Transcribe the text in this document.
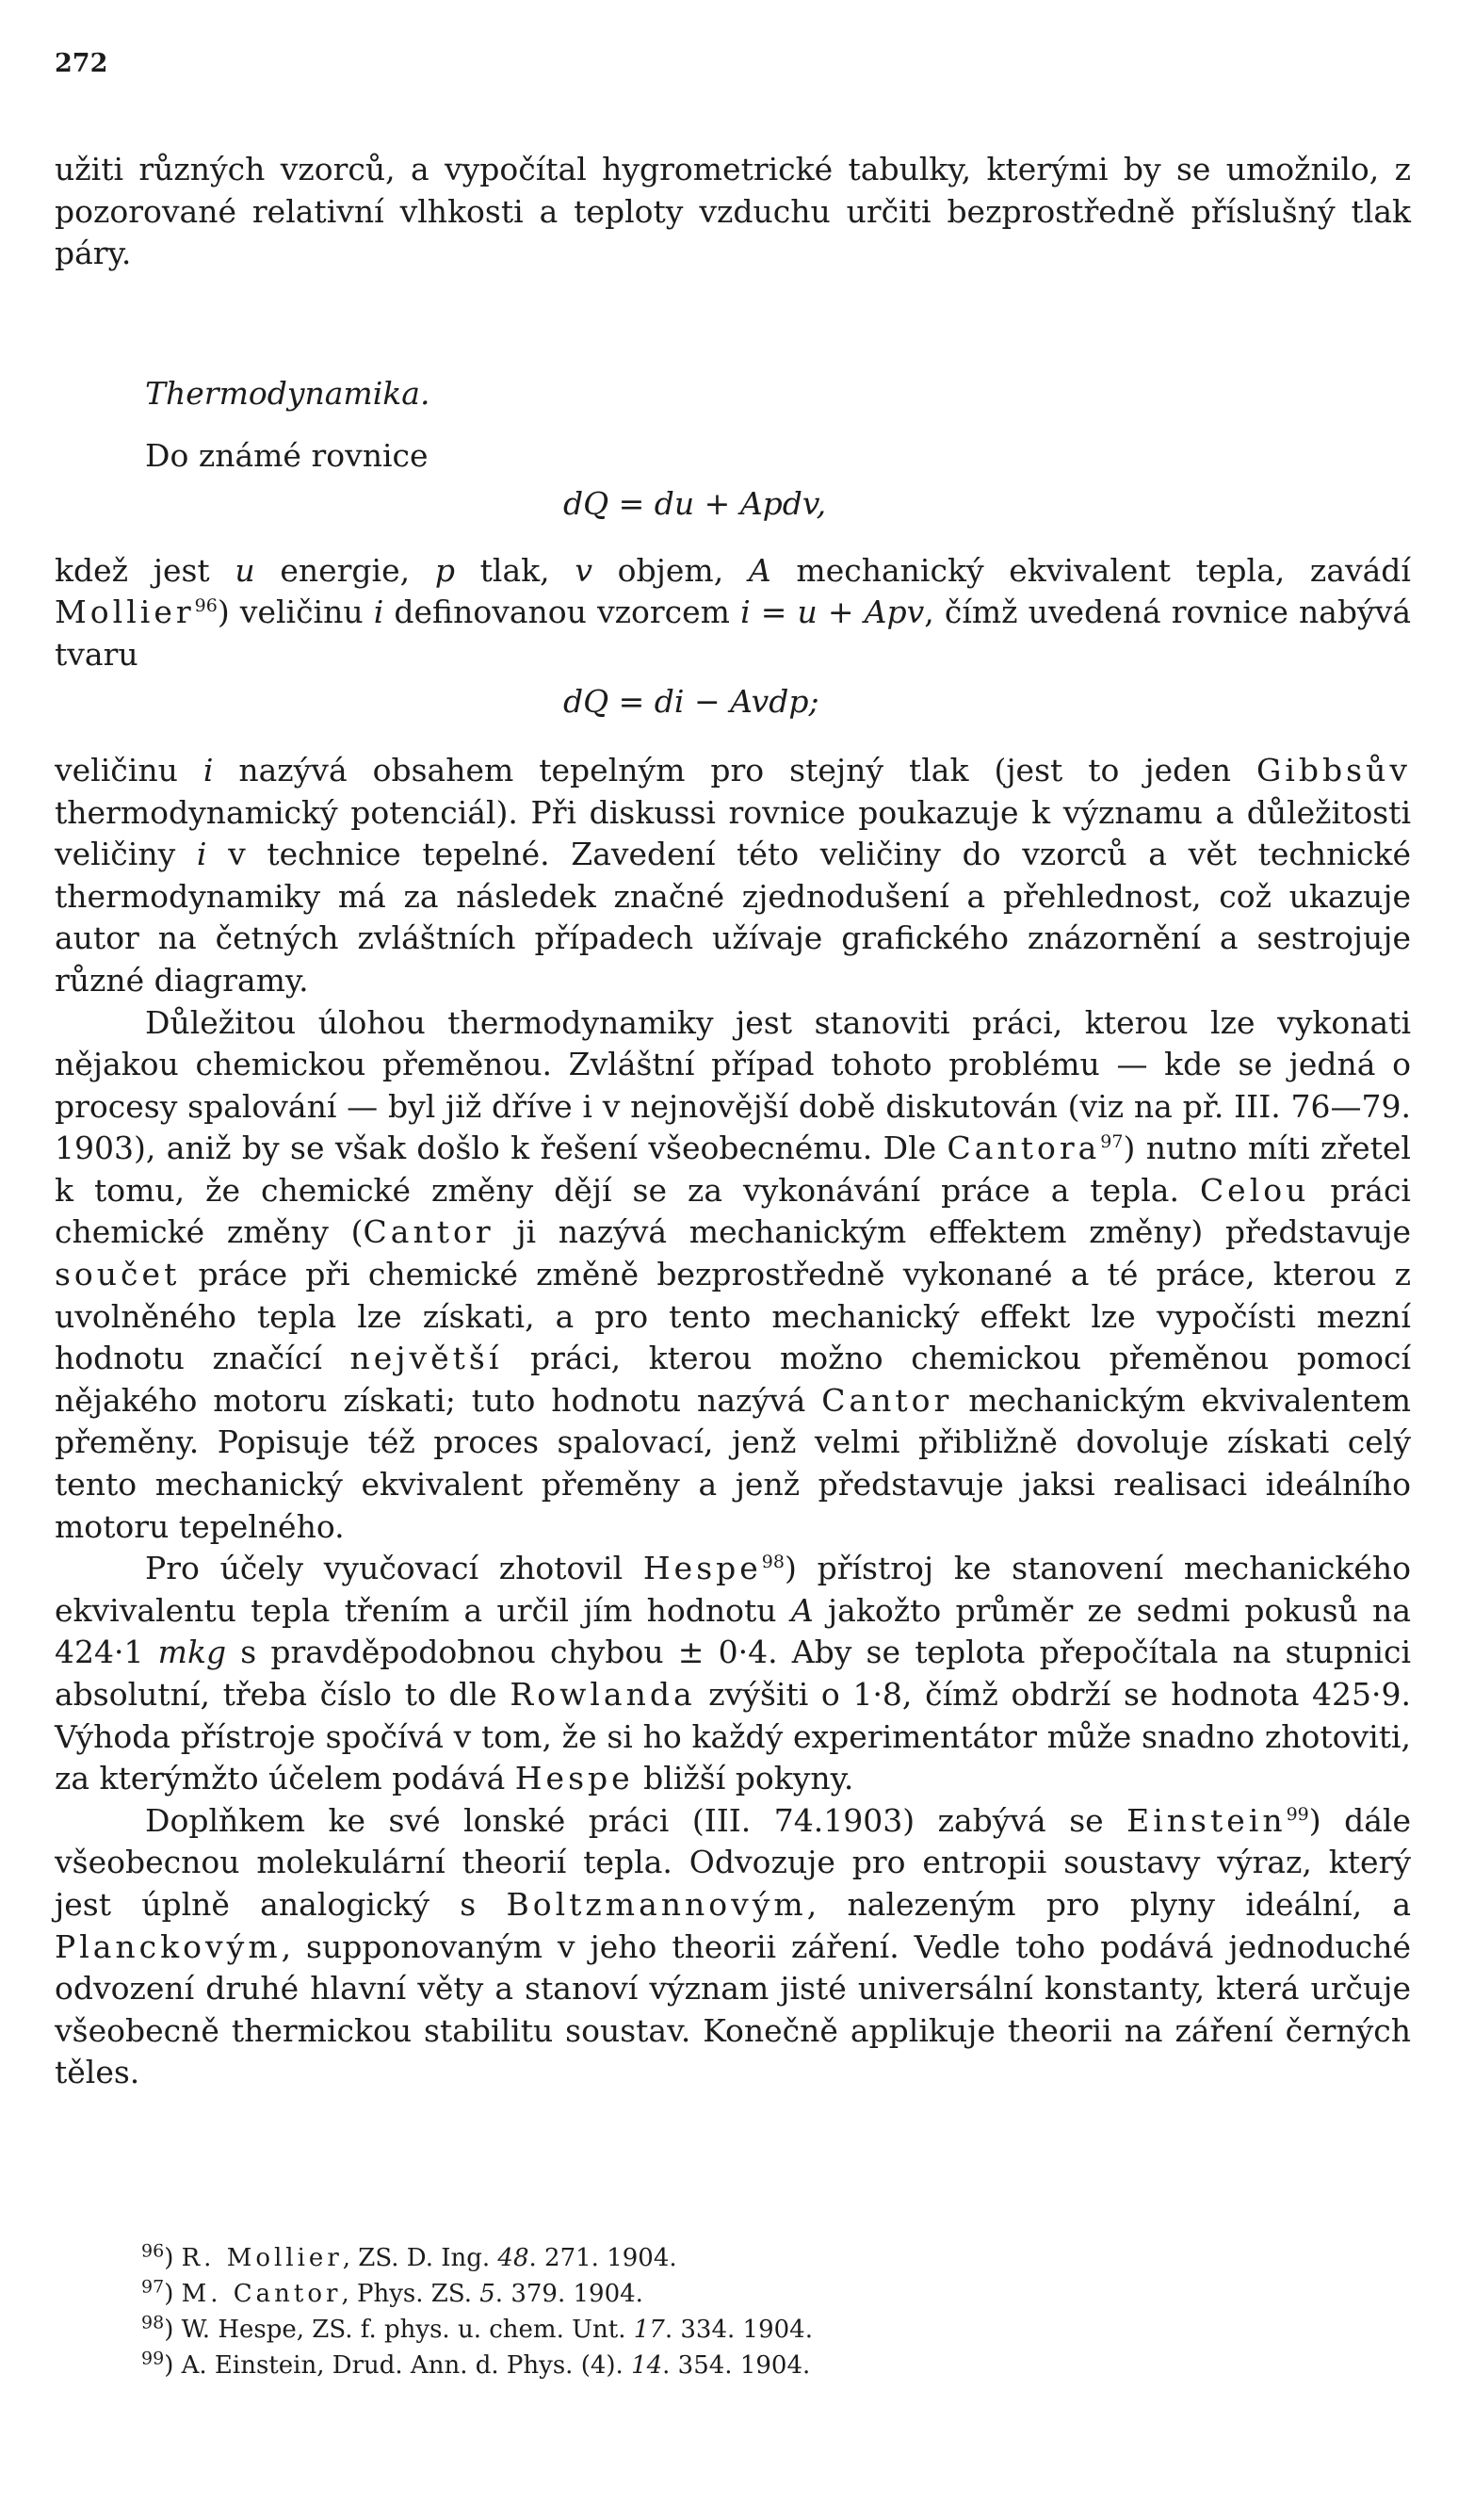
272

užiti různých vzorců, a vypočítal hygrometrické tabulky, kterými by se umožnilo, z pozorované relativní vlhkosti a teploty vzduchu určiti bezprostředně příslušný tlak páry.

Thermodynamika.

Do známé rovnice

dQ = du + Apdv,

kdež jest u energie, p tlak, v objem, A mechanický ekvivalent tepla, zavádí Mollier$^{96}$) veličinu i definovanou vzorcem i = u + Apv, čímž uvedená rovnice nabývá tvaru

dQ = di − Avdp;

veličinu i nazývá obsahem tepelným pro stejný tlak (jest to jeden Gibbsův thermodynamický potenciál). Při diskussi rovnice poukazuje k významu a důležitosti veličiny i v technice tepelné. Zavedení této veličiny do vzorců a vět technické thermodynamiky má za následek značné zjednodušení a přehlednost, což ukazuje autor na četných zvláštních případech užívaje grafického znázornění a sestrojuje různé diagramy.

Důležitou úlohou thermodynamiky jest stanoviti práci, kterou lze vykonati nějakou chemickou přeměnou. Zvláštní případ tohoto problému — kde se jedná o procesy spalování — byl již dříve i v nejnovější době diskutován (viz na př. III. 76—79. 1903), aniž by se však došlo k řešení všeobecnému. Dle Cantora$^{97}$) nutno míti zřetel k tomu, že chemické změny dějí se za vykonávání práce a tepla. Celou práci chemické změny (Cantor ji nazývá mechanickým effektem změny) představuje součet práce při chemické změně bezprostředně vykonané a té práce, kterou z uvolněného tepla lze získati, a pro tento mechanický effekt lze vypočísti mezní hodnotu značící největší práci, kterou možno chemickou přeměnou pomocí nějakého motoru získati; tuto hodnotu nazývá Cantor mechanickým ekvivalentem přeměny. Popisuje též proces spalovací, jenž velmi přibližně dovoluje získati celý tento mechanický ekvivalent přeměny a jenž představuje jaksi realisaci ideálního motoru tepelného.

Pro účely vyučovací zhotovil Hespe$^{98}$) přístroj ke stanovení mechanického ekvivalentu tepla třením a určil jím hodnotu A jakožto průměr ze sedmi pokusů na 424·1 mkg s pravděpodobnou chybou ± 0·4. Aby se teplota přepočítala na stupnici absolutní, třeba číslo to dle Rowlanda zvýšiti o 1·8, čímž obdrží se hodnota 425·9. Výhoda přístroje spočívá v tom, že si ho každý experimentátor může snadno zhotoviti, za kterýmžto účelem podává Hespe bližší pokyny.

Doplňkem ke své lonské práci (III. 74.1903) zabývá se Einstein$^{99}$) dále všeobecnou molekulární theorií tepla. Odvozuje pro entropii soustavy výraz, který jest úplně analogický s Boltzmannovým, nalezeným pro plyny ideální, a Planckovým, supponovaným v jeho theorii záření. Vedle toho podává jednoduché odvození druhé hlavní věty a stanoví význam jisté universální konstanty, která určuje všeobecně thermickou stabilitu soustav. Konečně applikuje theorii na záření černých těles.

$^{96}$) R. Mollier, ZS. D. Ing. 48. 271. 1904.

$^{97}$) M. Cantor, Phys. ZS. 5. 379. 1904.

$^{98}$) W. Hespe, ZS. f. phys. u. chem. Unt. 17. 334. 1904.

$^{99}$) A. Einstein, Drud. Ann. d. Phys. (4). 14. 354. 1904.
